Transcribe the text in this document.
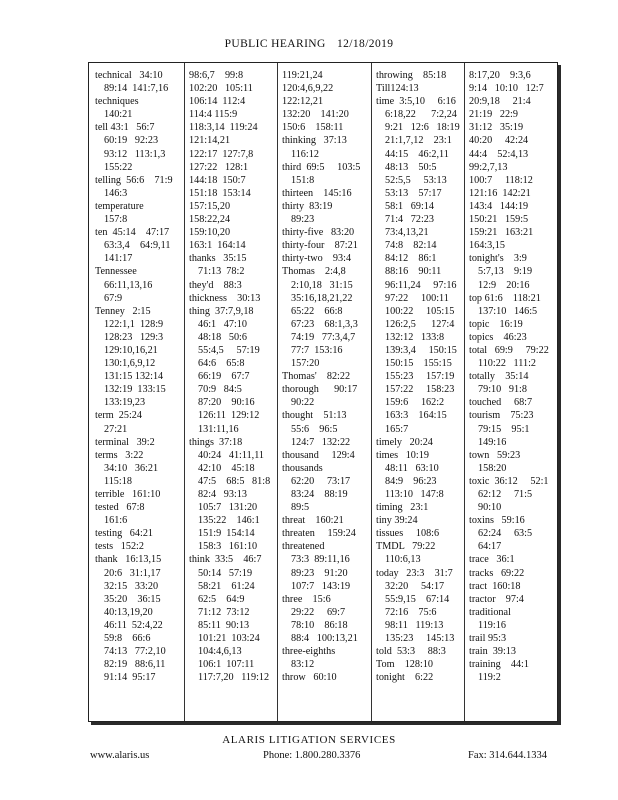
PUBLIC HEARING 12/18/2019
technical   34:10
89:14  141:7,16
techniques
140:21
tell 43:1   56:7
60:19   92:23
93:12   113:1,3
155:22
telling  56:6    71:9
146:3
temperature
157:8
ten  45:14    47:17
63:3,4    64:9,11
141:17
Tennessee
66:11,13,16
67:9
Tenney   2:15
122:1,1  128:9
128:23   129:3
129:10,16,21
130:1,6,9,12
131:15 132:14
132:19  133:15
133:19,23
term  25:24
27:21
terminal   39:2
terms   3:22
34:10   36:21
115:18
terrible   161:10
tested   67:8
161:6
testing   64:21
tests   152:2
thank   16:13,15
20:6   31:1,17
32:15   33:20
35:20    36:15
40:13,19,20
46:11  52:4,22
59:8    66:6
74:13   77:2,10
82:19   88:6,11
91:14  95:17
98:6,7    99:8
102:20   105:11
106:14  112:4
114:4 115:9
118:3,14  119:24
121:14,21
122:17  127:7,8
127:22   128:1
144:18  150:7
151:18  153:14
157:15,20
158:22,24
159:10,20
163:1  164:14
thanks   35:15
71:13  78:2
they'd    88:3
thickness    30:13
thing  37:7,9,18
46:1   47:10
48:18   50:6
55:4,5     57:19
64:6    65:8
66:19    67:7
70:9   84:5
87:20    90:16
126:11  129:12
131:11,16
things  37:18
40:24   41:11,11
42:10    45:18
47:5    68:5   81:8
82:4   93:13
105:7   131:20
135:22    146:1
151:9  154:14
158:3   161:10
think  33:5    46:7
50:14   57:19
58:21    61:24
62:5    64:9
71:12  73:12
85:11  90:13
101:21  103:24
104:4,6,13
106:1  107:11
117:7,20   119:12
119:21,24
120:4,6,9,22
122:12,21
132:20    141:20
150:6    158:11
thinking   37:13
116:12
third  69:5     103:5
151:8
thirteen    145:16
thirty  83:19
89:23
thirty-five   83:20
thirty-four    87:21
thirty-two    93:4
Thomas    2:4,8
2:10,18   31:15
35:16,18,21,22
65:22    66:8
67:23    68:1,3,3
74:19   77:3,4,7
77:7  153:16
157:20
Thomas'    82:22
thorough      90:17
90:22
thought    51:13
55:6    96:5
124:7   132:22
thousand     129:4
thousands
62:20     73:17
83:24    88:19
89:5
threat    160:21
threaten     159:24
threatened
73:3  89:11,16
89:23    91:20
107:7   143:19
three    15:6
29:22     69:7
78:10    86:18
88:4   100:13,21
three-eighths
83:12
throw   60:10
throwing    85:18
Till124:13
time  3:5,10     6:16
6:18,22      7:2,24
9:21   12:6   18:19
21:1,7,12    23:1
44:15    46:2,11
48:13    50:5
52:5,5     53:13
53:13    57:17
58:1   69:14
71:4   72:23
73:4,13,21
74:8    82:14
84:12    86:1
88:16    90:11
96:11,24     97:16
97:22     100:11
100:22     105:15
126:2,5      127:4
132:12   133:8
139:3,4     150:15
150:15    155:15
155:23     157:19
157:22     158:23
159:6     162:2
163:3    164:15
165:7
timely   20:24
times   10:19
48:11   63:10
84:9    96:23
113:10   147:8
timing   23:1
tiny 39:24
tissues     108:6
TMDL   79:22
110:6,13
today   23:3    31:7
32:20     54:17
55:9,15    67:14
72:16    75:6
98:11   119:13
135:23     145:13
told  53:3     88:3
Tom    128:10
tonight    6:22
8:17,20    9:3,6
9:14   10:10   12:7
20:9,18     21:4
21:19   22:9
31:12   35:19
40:20     42:24
44:4    52:4,13
99:2,7,13
100:7     118:12
121:16  142:21
143:4   144:19
150:21   159:5
159:21   163:21
164:3,15
tonight's    3:9
5:7,13    9:19
12:9    20:16
top 61:6    118:21
137:10   146:5
topic    16:19
topics    46:23
total   69:9     79:22
110:22   111:2
totally    35:14
79:10   91:8
touched     68:7
tourism    75:23
79:15    95:1
149:16
town   59:23
158:20
toxic  36:12     52:1
62:12     71:5
90:10
toxins   59:16
62:24     63:5
64:17
trace   36:1
tracks   69:22
tract  160:18
tractor    97:4
traditional
119:16
trail 95:3
train  39:13
training    44:1
119:2
ALARIS LITIGATION SERVICES
www.alaris.us	Phone: 1.800.280.3376	Fax: 314.644.1334
